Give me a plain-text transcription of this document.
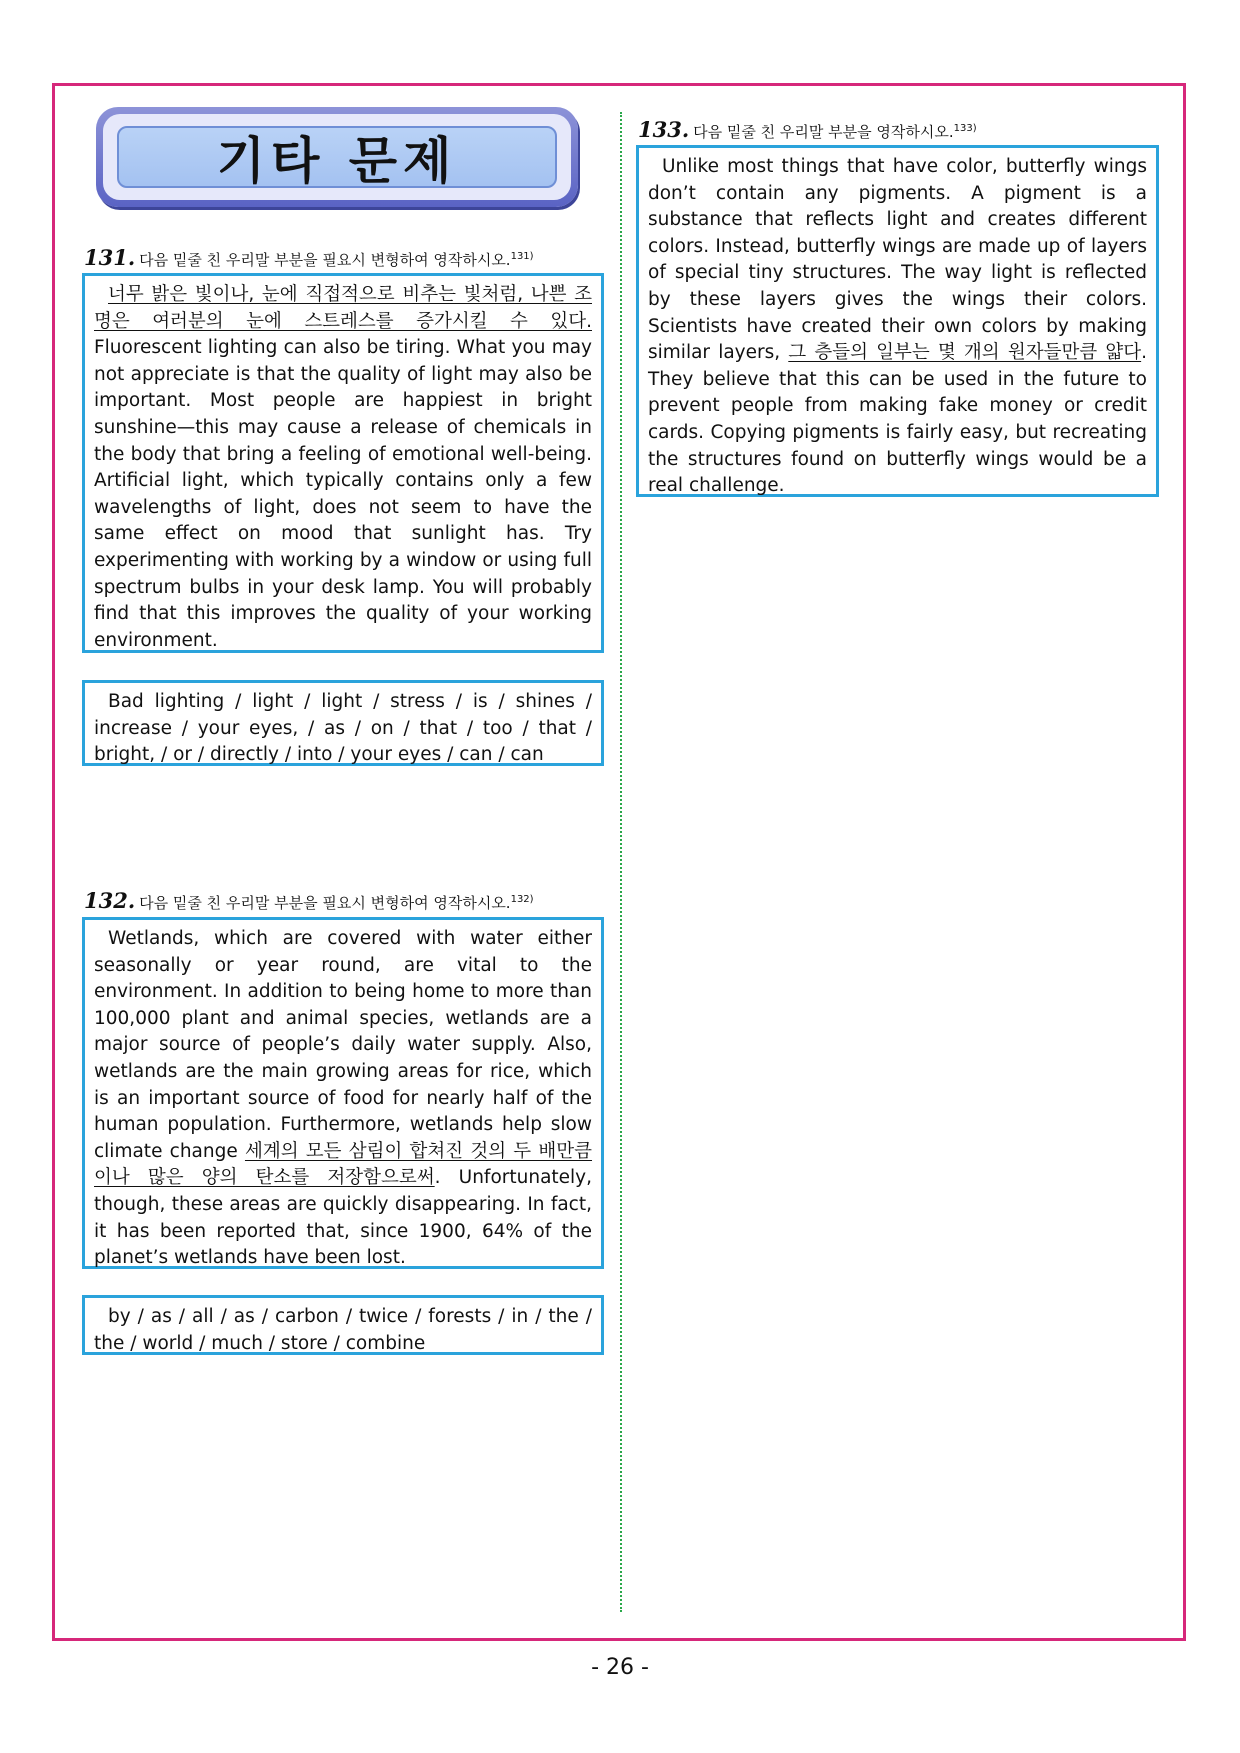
기타 문제
131. 다음 밑줄 친 우리말 부분을 필요시 변형하여 영작하시오.$^{131)}$

너무 밝은 빛이나, 눈에 직접적으로 비추는 빛처럼, 나쁜 조명은 여러분의 눈에 스트레스를 증가시킬 수 있다. Fluorescent lighting can also be tiring. What you may not appreciate is that the quality of light may also be important. Most people are happiest in bright sunshine—this may cause a release of chemicals in the body that bring a feeling of emotional well-being. Artificial light, which typically contains only a few wavelengths of light, does not seem to have the same effect on mood that sunlight has. Try experimenting with working by a window or using full spectrum bulbs in your desk lamp. You will probably find that this improves the quality of your working environment.

Bad lighting / light / light / stress / is / shines / increase / your eyes, / as / on / that / too / that / bright, / or / directly / into / your eyes / can / can

132. 다음 밑줄 친 우리말 부분을 필요시 변형하여 영작하시오.$^{132)}$

Wetlands, which are covered with water either seasonally or year round, are vital to the environment. In addition to being home to more than 100,000 plant and animal species, wetlands are a major source of people’s daily water supply. Also, wetlands are the main growing areas for rice, which is an important source of food for nearly half of the human population. Furthermore, wetlands help slow climate change 세계의 모든 삼림이 합쳐진 것의 두 배만큼이나 많은 양의 탄소를 저장함으로써. Unfortunately, though, these areas are quickly disappearing. In fact, it has been reported that, since 1900, 64% of the planet’s wetlands have been lost.

by / as / all / as / carbon / twice / forests / in / the / the / world / much / store / combine

133. 다음 밑줄 친 우리말 부분을 영작하시오.$^{133)}$

Unlike most things that have color, butterfly wings don’t contain any pigments. A pigment is a substance that reflects light and creates different colors. Instead, butterfly wings are made up of layers of special tiny structures. The way light is reflected by these layers gives the wings their colors. Scientists have created their own colors by making similar layers, 그 층들의 일부는 몇 개의 원자들만큼 얇다. They believe that this can be used in the future to prevent people from making fake money or credit cards. Copying pigments is fairly easy, but recreating the structures found on butterfly wings would be a real challenge.

- 26 -
